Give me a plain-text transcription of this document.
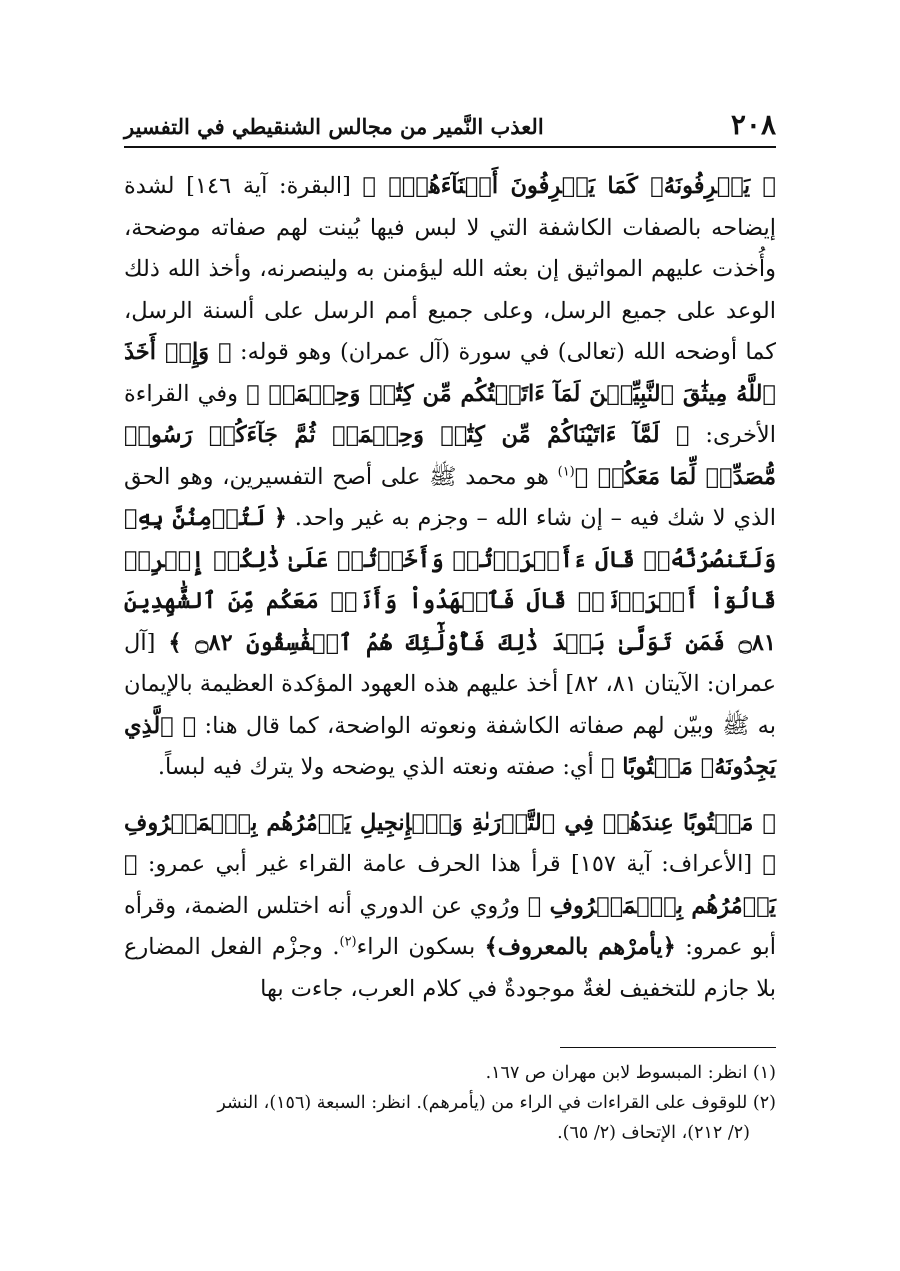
٢٠٨
العذب النَّمير من مجالس الشنقيطي في التفسير

﴿ يَعۡرِفُونَهُۥ كَمَا يَعۡرِفُونَ أَبۡنَآءَهُمۡۖ ﴾ [البقرة: آية ١٤٦] لشدة إيضاحه بالصفات الكاشفة التي لا لبس فيها بُينت لهم صفاته موضحة، وأُخذت عليهم المواثيق إن بعثه الله ليؤمنن به ولينصرنه، وأخذ الله ذلك الوعد على جميع الرسل، وعلى جميع أمم الرسل على ألسنة الرسل، كما أوضحه الله (تعالى) في سورة (آل عمران) وهو قوله: ﴿ وَإِذۡ أَخَذَ ٱللَّهُ مِيثَٰقَ ٱلنَّبِيِّـۧنَ لَمَآ ءَاتَيۡتُكُم مِّن كِتَٰبٖ وَحِكۡمَةٖ ﴾ وفي القراءة الأخرى: ﴿ لَمَّآ ءَاتَيْنَاكُمْ مِّن كِتَٰبٖ وَحِكۡمَةٖ ثُمَّ جَآءَكُمۡ رَسُولٞ مُّصَدِّقٞ لِّمَا مَعَكُمۡ ﴾$^{(١)}$ هو محمد ﷺ على أصح التفسيرين، وهو الحق الذي لا شك فيه – إن شاء الله – وجزم به غير واحد. ﴿ لَتُؤۡمِنُنَّ بِهِۦ وَلَتَنصُرُنَّهُۥۚ قَالَ ءَأَقۡرَرۡتُمۡ وَأَخَذۡتُمۡ عَلَىٰ ذَٰلِكُمۡ إِصۡرِيۖ قَالُوٓاْ أَقۡرَرۡنَاۚ قَالَ فَٱشۡهَدُواْ وَأَنَا۠ مَعَكُم مِّنَ ٱلشَّٰهِدِينَ ۝٨١ فَمَن تَوَلَّىٰ بَعۡدَ ذَٰلِكَ فَأُوْلَٰٓئِكَ هُمُ ٱلۡفَٰسِقُونَ ۝٨٢ ﴾ [آل عمران: الآيتان ٨١، ٨٢] أخذ عليهم هذه العهود المؤكدة العظيمة بالإيمان به ﷺ وبيّن لهم صفاته الكاشفة ونعوته الواضحة، كما قال هنا: ﴿ ٱلَّذِي يَجِدُونَهُۥ مَكۡتُوبًا ﴾ أي: صفته ونعته الذي يوضحه ولا يترك فيه لبساً.

﴿ مَكۡتُوبًا عِندَهُمۡ فِي ٱلتَّوۡرَىٰةِ وَٱلۡإِنجِيلِ يَأۡمُرُهُم بِٱلۡمَعۡرُوفِ ﴾ [الأعراف: آية ١٥٧] قرأ هذا الحرف عامة القراء غير أبي عمرو: ﴿ يَأۡمُرُهُم بِٱلۡمَعۡرُوفِ ﴾ ورُوي عن الدوري أنه اختلس الضمة، وقرأه أبو عمرو: ﴿يأمرْهم بالمعروف﴾ بسكون الراء$^{(٢)}$. وجزْم الفعل المضارع بلا جازم للتخفيف لغةٌ موجودةٌ في كلام العرب، جاءت بها

(١) انظر: المبسوط لابن مهران ص ١٦٧.

(٢) للوقوف على القراءات في الراء من (يأمرهم). انظر: السبعة (١٥٦)، النشر

(٢/ ٢١٢)، الإتحاف (٢/ ٦٥).
